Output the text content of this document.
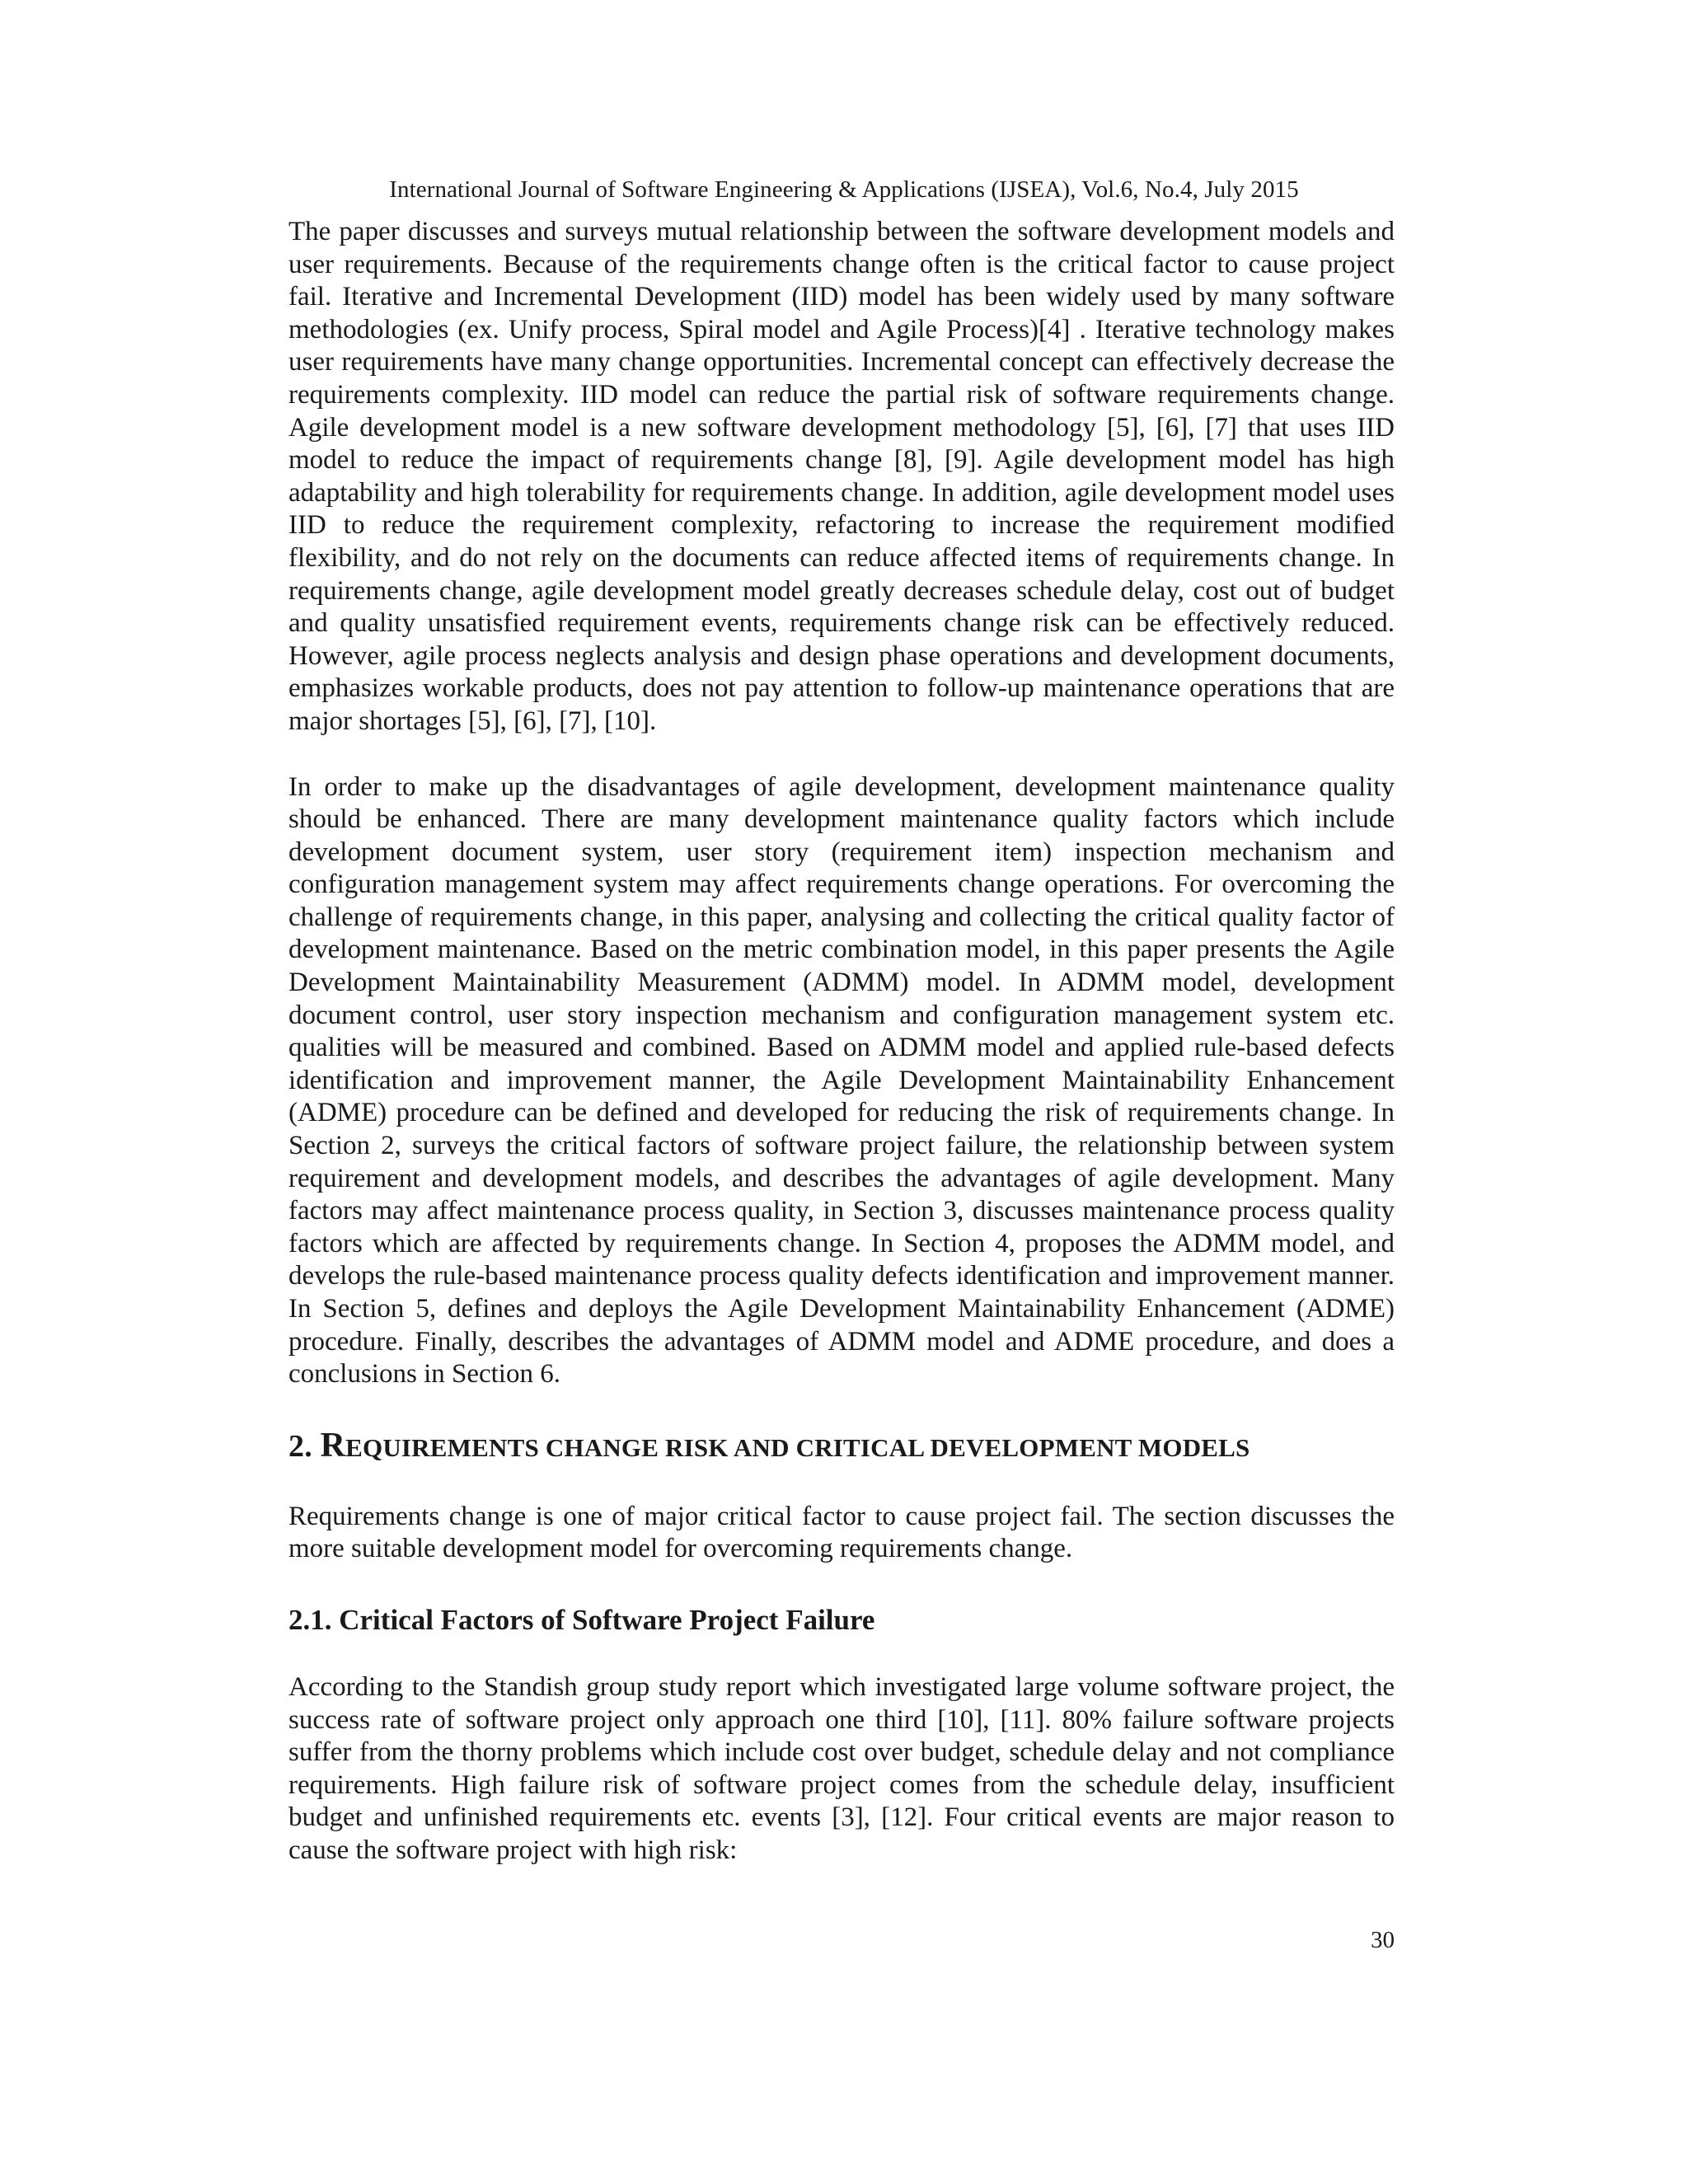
International Journal of Software Engineering & Applications (IJSEA), Vol.6, No.4, July 2015

The paper discusses and surveys mutual relationship between the software development models and user requirements. Because of the requirements change often is the critical factor to cause project fail. Iterative and Incremental Development (IID) model has been widely used by many software methodologies (ex. Unify process, Spiral model and Agile Process)[4] . Iterative technology makes user requirements have many change opportunities. Incremental concept can effectively decrease the requirements complexity. IID model can reduce the partial risk of software requirements change. Agile development model is a new software development methodology [5], [6], [7] that uses IID model to reduce the impact of requirements change [8], [9]. Agile development model has high adaptability and high tolerability for requirements change. In addition, agile development model uses IID to reduce the requirement complexity, refactoring to increase the requirement modified flexibility, and do not rely on the documents can reduce affected items of requirements change. In requirements change, agile development model greatly decreases schedule delay, cost out of budget and quality unsatisfied requirement events, requirements change risk can be effectively reduced. However, agile process neglects analysis and design phase operations and development documents, emphasizes workable products, does not pay attention to follow-up maintenance operations that are major shortages [5], [6], [7], [10].

In order to make up the disadvantages of agile development, development maintenance quality should be enhanced. There are many development maintenance quality factors which include development document system, user story (requirement item) inspection mechanism and configuration management system may affect requirements change operations. For overcoming the challenge of requirements change, in this paper, analysing and collecting the critical quality factor of development maintenance. Based on the metric combination model, in this paper presents the Agile Development Maintainability Measurement (ADMM) model. In ADMM model, development document control, user story inspection mechanism and configuration management system etc. qualities will be measured and combined. Based on ADMM model and applied rule-based defects identification and improvement manner, the Agile Development Maintainability Enhancement (ADME) procedure can be defined and developed for reducing the risk of requirements change. In Section 2, surveys the critical factors of software project failure, the relationship between system requirement and development models, and describes the advantages of agile development. Many factors may affect maintenance process quality, in Section 3, discusses maintenance process quality factors which are affected by requirements change. In Section 4, proposes the ADMM model, and develops the rule-based maintenance process quality defects identification and improvement manner. In Section 5, defines and deploys the Agile Development Maintainability Enhancement (ADME) procedure. Finally, describes the advantages of ADMM model and ADME procedure, and does a conclusions in Section 6.

2. REQUIREMENTS CHANGE RISK AND CRITICAL DEVELOPMENT MODELS

Requirements change is one of major critical factor to cause project fail. The section discusses the more suitable development model for overcoming requirements change.

2.1. Critical Factors of Software Project Failure

According to the Standish group study report which investigated large volume software project, the success rate of software project only approach one third [10], [11]. 80% failure software projects suffer from the thorny problems which include cost over budget, schedule delay and not compliance requirements. High failure risk of software project comes from the schedule delay, insufficient budget and unfinished requirements etc. events [3], [12]. Four critical events are major reason to cause the software project with high risk:

30
